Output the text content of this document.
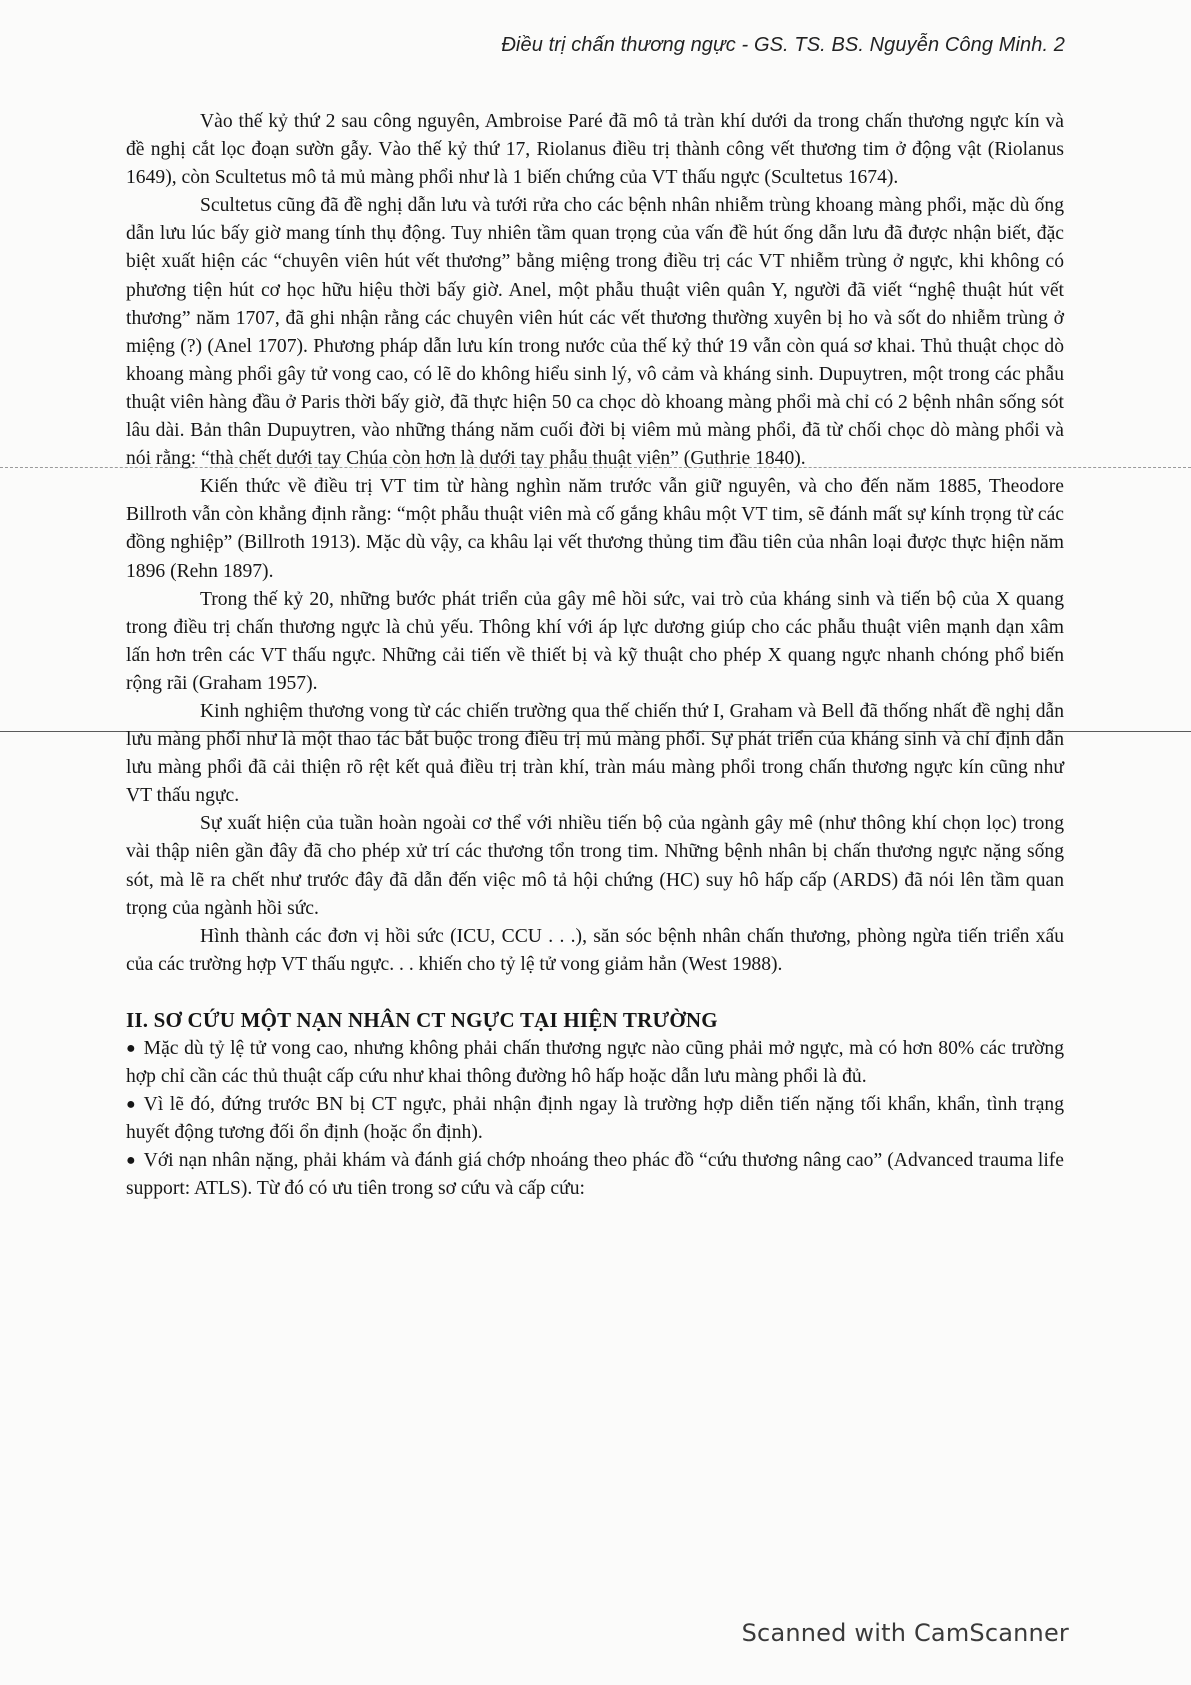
Điều trị chấn thương ngực - GS. TS. BS. Nguyễn Công Minh. 2

Vào thế kỷ thứ 2 sau công nguyên, Ambroise Paré đã mô tả tràn khí dưới da trong chấn thương ngực kín và đề nghị cắt lọc đoạn sườn gẫy. Vào thế kỷ thứ 17, Riolanus điều trị thành công vết thương tim ở động vật (Riolanus 1649), còn Scultetus mô tả mủ màng phổi như là 1 biến chứng của VT thấu ngực (Scultetus 1674).

Scultetus cũng đã đề nghị dẫn lưu và tưới rửa cho các bệnh nhân nhiễm trùng khoang màng phổi, mặc dù ống dẫn lưu lúc bấy giờ mang tính thụ động. Tuy nhiên tầm quan trọng của vấn đề hút ống dẫn lưu đã được nhận biết, đặc biệt xuất hiện các “chuyên viên hút vết thương” bằng miệng trong điều trị các VT nhiễm trùng ở ngực, khi không có phương tiện hút cơ học hữu hiệu thời bấy giờ. Anel, một phẫu thuật viên quân Y, người đã viết “nghệ thuật hút vết thương” năm 1707, đã ghi nhận rằng các chuyên viên hút các vết thương thường xuyên bị ho và sốt do nhiễm trùng ở miệng (?) (Anel 1707). Phương pháp dẫn lưu kín trong nước của thế kỷ thứ 19 vẫn còn quá sơ khai. Thủ thuật chọc dò khoang màng phổi gây tử vong cao, có lẽ do không hiểu sinh lý, vô cảm và kháng sinh. Dupuytren, một trong các phẫu thuật viên hàng đầu ở Paris thời bấy giờ, đã thực hiện 50 ca chọc dò khoang màng phổi mà chỉ có 2 bệnh nhân sống sót lâu dài. Bản thân Dupuytren, vào những tháng năm cuối đời bị viêm mủ màng phổi, đã từ chối chọc dò màng phổi và nói rằng: “thà chết dưới tay Chúa còn hơn là dưới tay phẫu thuật viên” (Guthrie 1840).

Kiến thức về điều trị VT tim từ hàng nghìn năm trước vẫn giữ nguyên, và cho đến năm 1885, Theodore Billroth vẫn còn khẳng định rằng: “một phẫu thuật viên mà cố gắng khâu một VT tim, sẽ đánh mất sự kính trọng từ các đồng nghiệp” (Billroth 1913). Mặc dù vậy, ca khâu lại vết thương thủng tim đầu tiên của nhân loại được thực hiện năm 1896 (Rehn 1897).

Trong thế kỷ 20, những bước phát triển của gây mê hồi sức, vai trò của kháng sinh và tiến bộ của X quang trong điều trị chấn thương ngực là chủ yếu. Thông khí với áp lực dương giúp cho các phẫu thuật viên mạnh dạn xâm lấn hơn trên các VT thấu ngực. Những cải tiến về thiết bị và kỹ thuật cho phép X quang ngực nhanh chóng phổ biến rộng rãi (Graham 1957).

Kinh nghiệm thương vong từ các chiến trường qua thế chiến thứ I, Graham và Bell đã thống nhất đề nghị dẫn lưu màng phổi như là một thao tác bắt buộc trong điều trị mủ màng phổi. Sự phát triển của kháng sinh và chỉ định dẫn lưu màng phổi đã cải thiện rõ rệt kết quả điều trị tràn khí, tràn máu màng phổi trong chấn thương ngực kín cũng như VT thấu ngực.

Sự xuất hiện của tuần hoàn ngoài cơ thể với nhiều tiến bộ của ngành gây mê (như thông khí chọn lọc) trong vài thập niên gần đây đã cho phép xử trí các thương tổn trong tim. Những bệnh nhân bị chấn thương ngực nặng sống sót, mà lẽ ra chết như trước đây đã dẫn đến việc mô tả hội chứng (HC) suy hô hấp cấp (ARDS) đã nói lên tầm quan trọng của ngành hồi sức.

Hình thành các đơn vị hồi sức (ICU, CCU . . .), săn sóc bệnh nhân chấn thương, phòng ngừa tiến triển xấu của các trường hợp VT thấu ngực. . . khiến cho tỷ lệ tử vong giảm hẳn (West 1988).

II. SƠ CỨU MỘT NẠN NHÂN CT NGỰC TẠI HIỆN TRƯỜNG
● Mặc dù tỷ lệ tử vong cao, nhưng không phải chấn thương ngực nào cũng phải mở ngực, mà có hơn 80% các trường hợp chỉ cần các thủ thuật cấp cứu như khai thông đường hô hấp hoặc dẫn lưu màng phổi là đủ.
● Vì lẽ đó, đứng trước BN bị CT ngực, phải nhận định ngay là trường hợp diễn tiến nặng tối khẩn, khẩn, tình trạng huyết động tương đối ổn định (hoặc ổn định).
● Với nạn nhân nặng, phải khám và đánh giá chớp nhoáng theo phác đồ “cứu thương nâng cao” (Advanced trauma life support: ATLS). Từ đó có ưu tiên trong sơ cứu và cấp cứu:
Scanned with CamScanner
